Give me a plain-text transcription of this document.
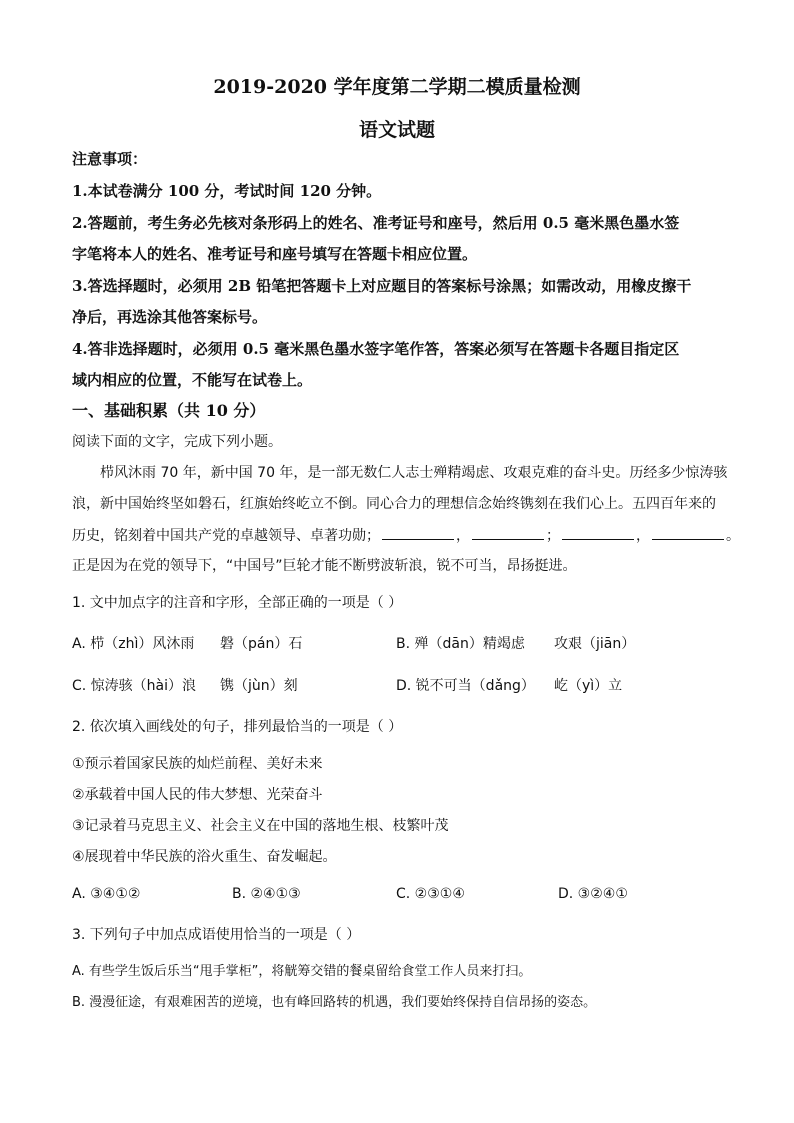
2019-2020 学年度第二学期二模质量检测
语文试题
注意事项：
1.本试卷满分 100 分，考试时间 120 分钟。
2.答题前，考生务必先核对条形码上的姓名、准考证号和座号，然后用 0.5 毫米黑色墨水签
字笔将本人的姓名、准考证号和座号填写在答题卡相应位置。
3.答选择题时，必须用 2B 铅笔把答题卡上对应题目的答案标号涂黑；如需改动，用橡皮擦干
净后，再选涂其他答案标号。
4.答非选择题时，必须用 0.5 毫米黑色墨水签字笔作答，答案必须写在答题卡各题目指定区
域内相应的位置，不能写在试卷上。
一、基础积累（共 10 分）
阅读下面的文字，完成下列小题。
栉风沐雨 70 年，新中国 70 年，是一部无数仁人志士殚精竭虑、攻艰克难的奋斗史。历经多少惊涛骇
浪，新中国始终坚如磐石，红旗始终屹立不倒。同心合力的理想信念始终镌刻在我们心上。五四百年来的
历史，铭刻着中国共产党的卓越领导、卓著功勋；	，	；	，	。
正是因为在党的领导下，“中国号”巨轮才能不断劈波斩浪，锐不可当，昂扬挺进。
1. 文中加点字的注音和字形，全部正确的一项是（ ）
A. 栉（zhì）风沐雨 磐（pán）石	B. 殚（dān）精竭虑 攻艰（jiān）
C. 惊涛骇（hài）浪 镌（jùn）刻	D. 锐不可当（dǎng） 屹（yì）立
2. 依次填入画线处的句子，排列最恰当的一项是（ ）
①预示着国家民族的灿烂前程、美好未来
②承载着中国人民的伟大梦想、光荣奋斗
③记录着马克思主义、社会主义在中国的落地生根、枝繁叶茂
④展现着中华民族的浴火重生、奋发崛起。
A. ③④①②	B. ②④①③	C. ②③①④	D. ③②④①
3. 下列句子中加点成语使用恰当的一项是（ ）
A. 有些学生饭后乐当“甩手掌柜”，将觥筹交错的餐桌留给食堂工作人员来打扫。
B. 漫漫征途，有艰难困苦的逆境，也有峰回路转的机遇，我们要始终保持自信昂扬的姿态。
